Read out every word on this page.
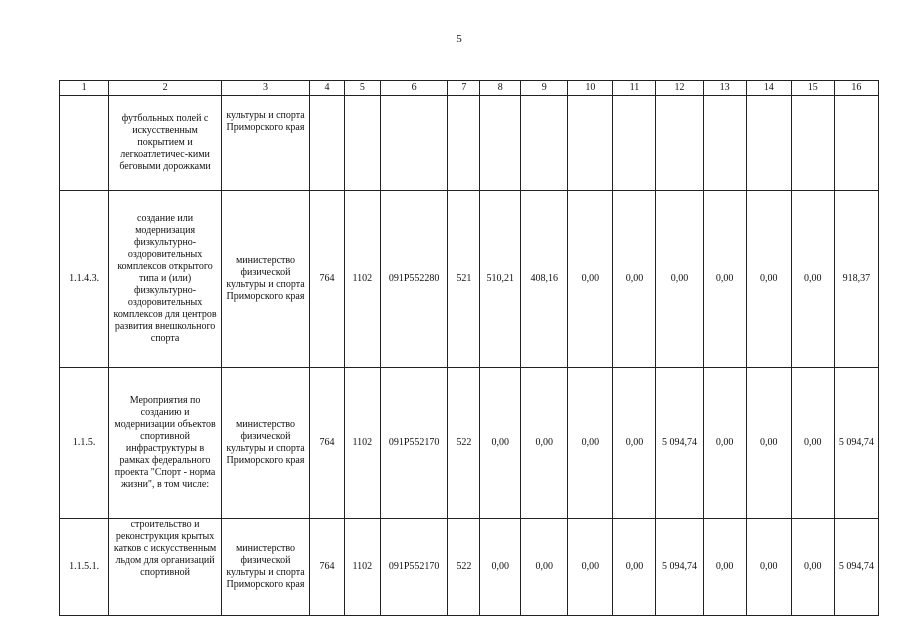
5
1	2	3	4	5	6	7	8	9	10	11	12	13	14	15	16
	футбольных полей с искусственным покрытием и легкоатлетичес-кими беговыми дорожками	культуры и спорта Приморского края													
1.1.4.3.	создание или модернизация физкультурно-оздоровительных комплексов открытого типа и (или) физкультурно-оздоровительных комплексов для центров развития внешкольного спорта	министерство физической культуры и спорта Приморского края	764	1102	091P552280	521	510,21	408,16	0,00	0,00	0,00	0,00	0,00	0,00	918,37
1.1.5.	Мероприятия по созданию и модернизации объектов спортивной инфраструктуры в рамках федерального проекта "Спорт - норма жизни", в том числе:	министерство физической культуры и спорта Приморского края	764	1102	091P552170	522	0,00	0,00	0,00	0,00	5 094,74	0,00	0,00	0,00	5 094,74
1.1.5.1.	строительство и реконструкция крытых катков с искусственным льдом для организаций спортивной	министерство физической культуры и спорта Приморского края	764	1102	091P552170	522	0,00	0,00	0,00	0,00	5 094,74	0,00	0,00	0,00	5 094,74
